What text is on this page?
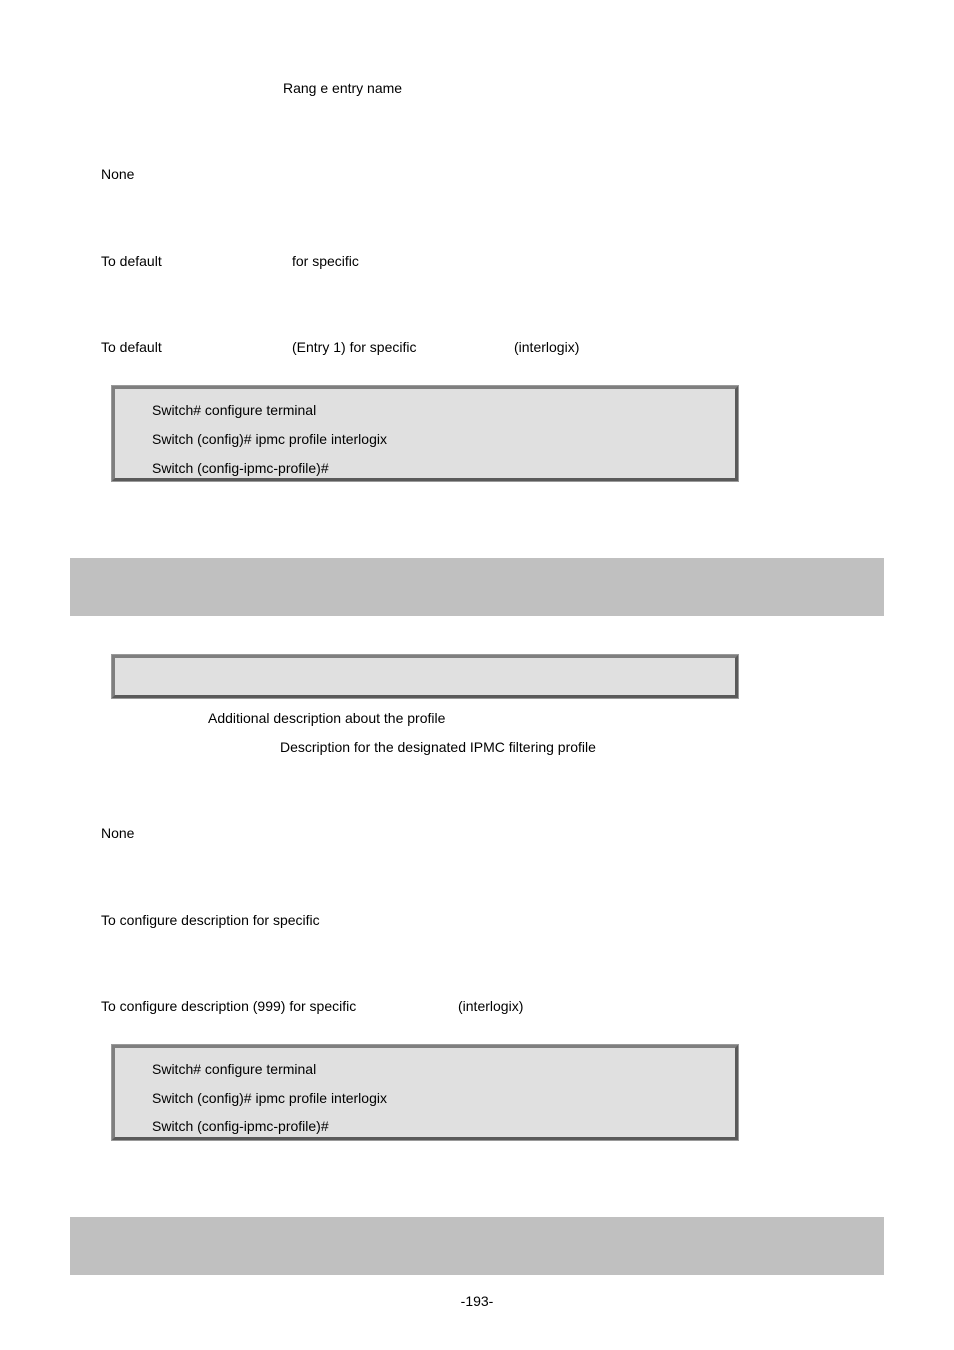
Rang e entry name
None
To default	for specific
To default	(Entry 1) for specific	(interlogix)
Switch# configure terminal
Switch (config)# ipmc profile interlogix
Switch (config-ipmc-profile)#
Additional description about the profile
Description for the designated IPMC filtering profile
None
To configure description for specific
To configure description (999) for specific	(interlogix)
Switch# configure terminal
Switch (config)# ipmc profile interlogix
Switch (config-ipmc-profile)#
-193-
